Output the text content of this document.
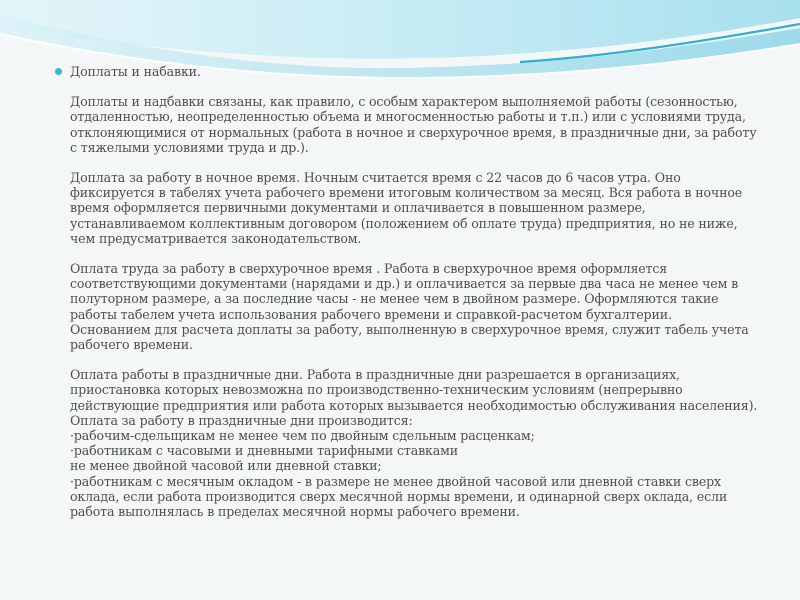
Доплаты и набавки.

Доплаты и надбавки связаны, как правило, с особым характером выполняемой работы (сезонностью, отдаленностью, неопределенностью объема и многосменностью работы и т.п.) или с условиями труда, отклоняющимися от нормальных (работа в ночное и сверхурочное время, в праздничные дни, за работу с тяжелыми условиями труда и др.).

Доплата за работу в ночное время. Ночным считается время с 22 часов до 6 часов утра. Оно фиксируется в табелях учета рабочего времени итоговым количеством за месяц. Вся работа в ночное время оформляется первичными документами и оплачивается в повышенном размере, устанавливаемом коллективным договором (положением об оплате труда) предприятия, но не ниже, чем предусматривается законодательством.

Оплата труда за работу в сверхурочное время . Работа в сверхурочное время оформляется соответствующими документами (нарядами и др.) и оплачивается за первые два часа не менее чем в полуторном размере, а за последние часы - не менее чем в двойном размере. Оформляются такие работы табелем учета использования рабочего времени и справкой-расчетом бухгалтерии.

Основанием для расчета доплаты за работу, выполненную в сверхурочное время, служит табель учета рабочего времени.

Оплата работы в праздничные дни. Работа в праздничные дни разрешается в организациях, приостановка которых невозможна по производственно-техническим условиям (непрерывно действующие предприятия или работа которых вызывается необходимостью обслуживания населения). Оплата за работу в праздничные дни производится:

·рабочим-сдельщикам не менее чем по двойным сдельным расценкам;
·работникам с часовыми и дневными тарифными ставками
не менее двойной часовой или дневной ставки;
·работникам с месячным окладом - в размере не менее двойной часовой или дневной ставки сверх оклада, если работа производится сверх месячной нормы времени, и одинарной сверх оклада, если работа выполнялась в пределах месячной нормы рабочего времени.
